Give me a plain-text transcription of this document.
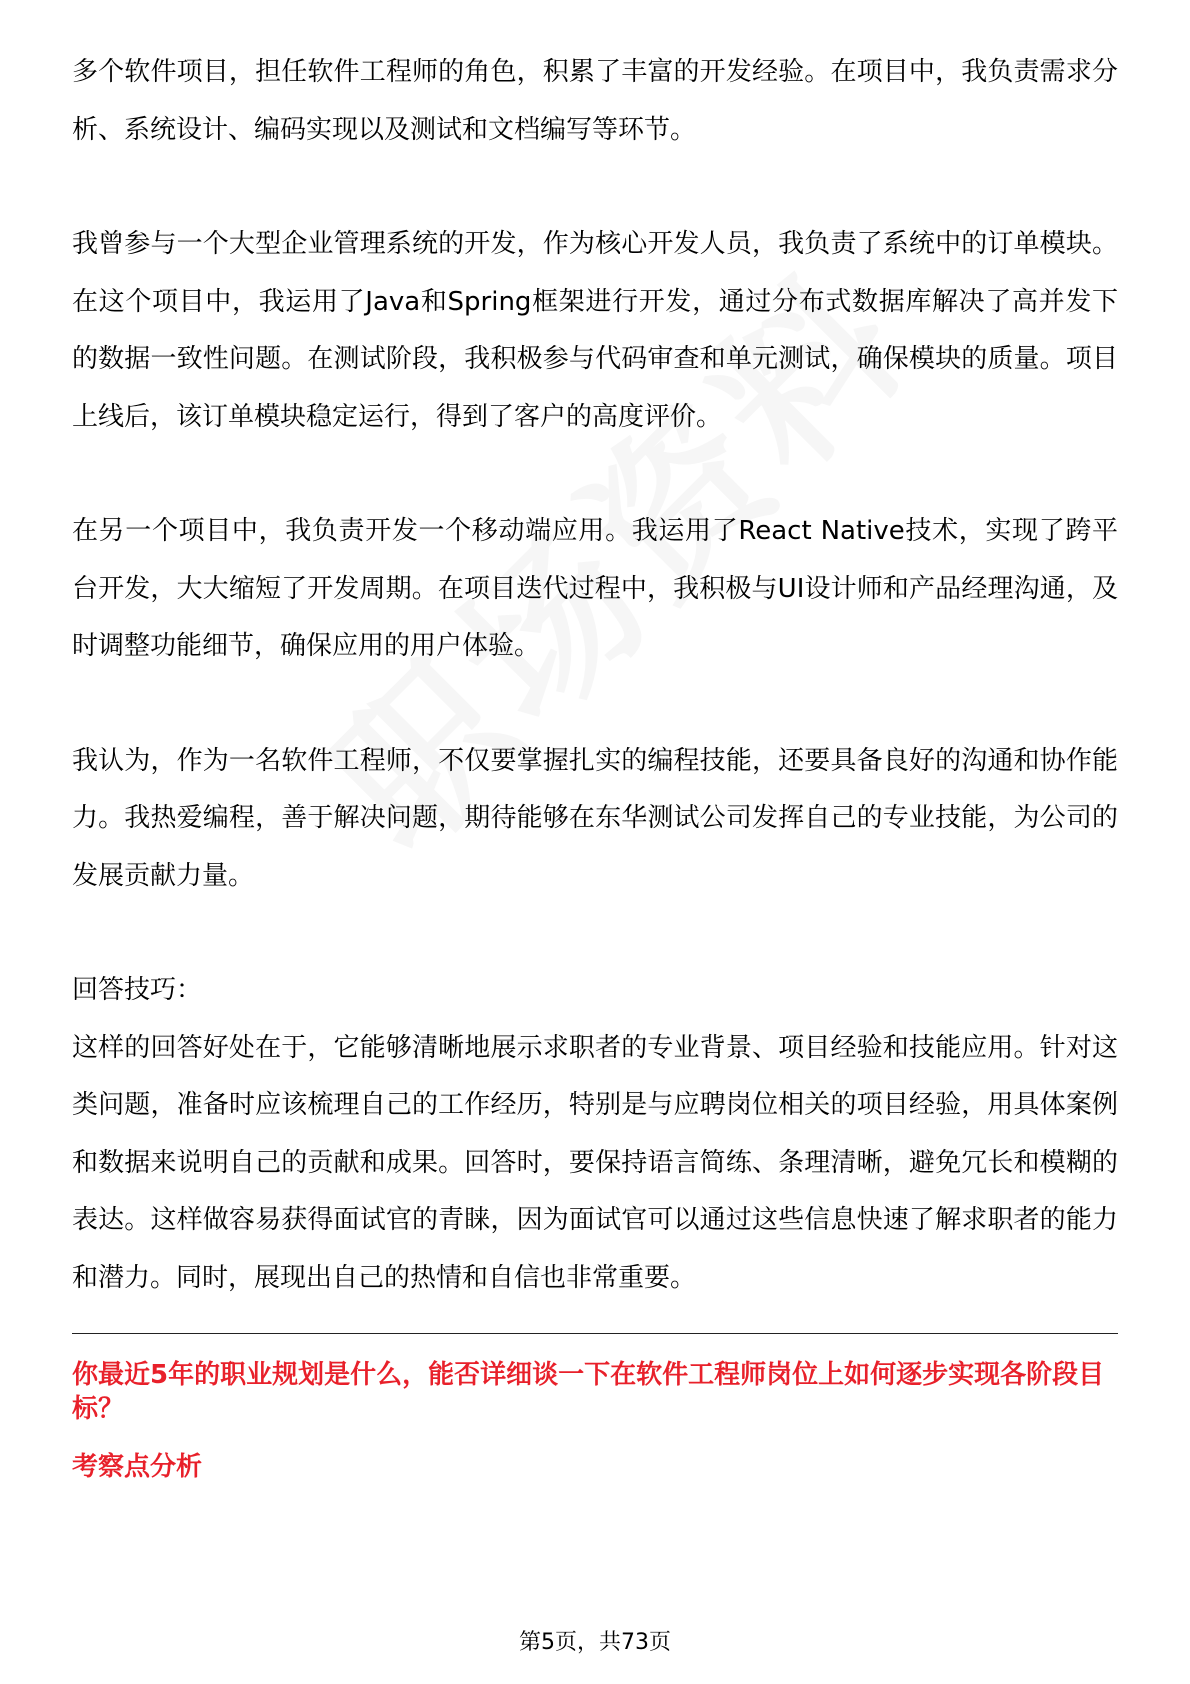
多个软件项目，担任软件工程师的角色，积累了丰富的开发经验。在项目中，我负责需求分析、系统设计、编码实现以及测试和文档编写等环节。

我曾参与一个大型企业管理系统的开发，作为核心开发人员，我负责了系统中的订单模块。在这个项目中，我运用了Java和Spring框架进行开发，通过分布式数据库解决了高并发下的数据一致性问题。在测试阶段，我积极参与代码审查和单元测试，确保模块的质量。项目上线后，该订单模块稳定运行，得到了客户的高度评价。

在另一个项目中，我负责开发一个移动端应用。我运用了React Native技术，实现了跨平台开发，大大缩短了开发周期。在项目迭代过程中，我积极与UI设计师和产品经理沟通，及时调整功能细节，确保应用的用户体验。

我认为，作为一名软件工程师，不仅要掌握扎实的编程技能，还要具备良好的沟通和协作能力。我热爱编程，善于解决问题，期待能够在东华测试公司发挥自己的专业技能，为公司的发展贡献力量。

回答技巧：

这样的回答好处在于，它能够清晰地展示求职者的专业背景、项目经验和技能应用。针对这类问题，准备时应该梳理自己的工作经历，特别是与应聘岗位相关的项目经验，用具体案例和数据来说明自己的贡献和成果。回答时，要保持语言简练、条理清晰，避免冗长和模糊的表达。这样做容易获得面试官的青睐，因为面试官可以通过这些信息快速了解求职者的能力和潜力。同时，展现出自己的热情和自信也非常重要。

你最近5年的职业规划是什么，能否详细谈一下在软件工程师岗位上如何逐步实现各阶段目标？

考察点分析

第5页，共73页
